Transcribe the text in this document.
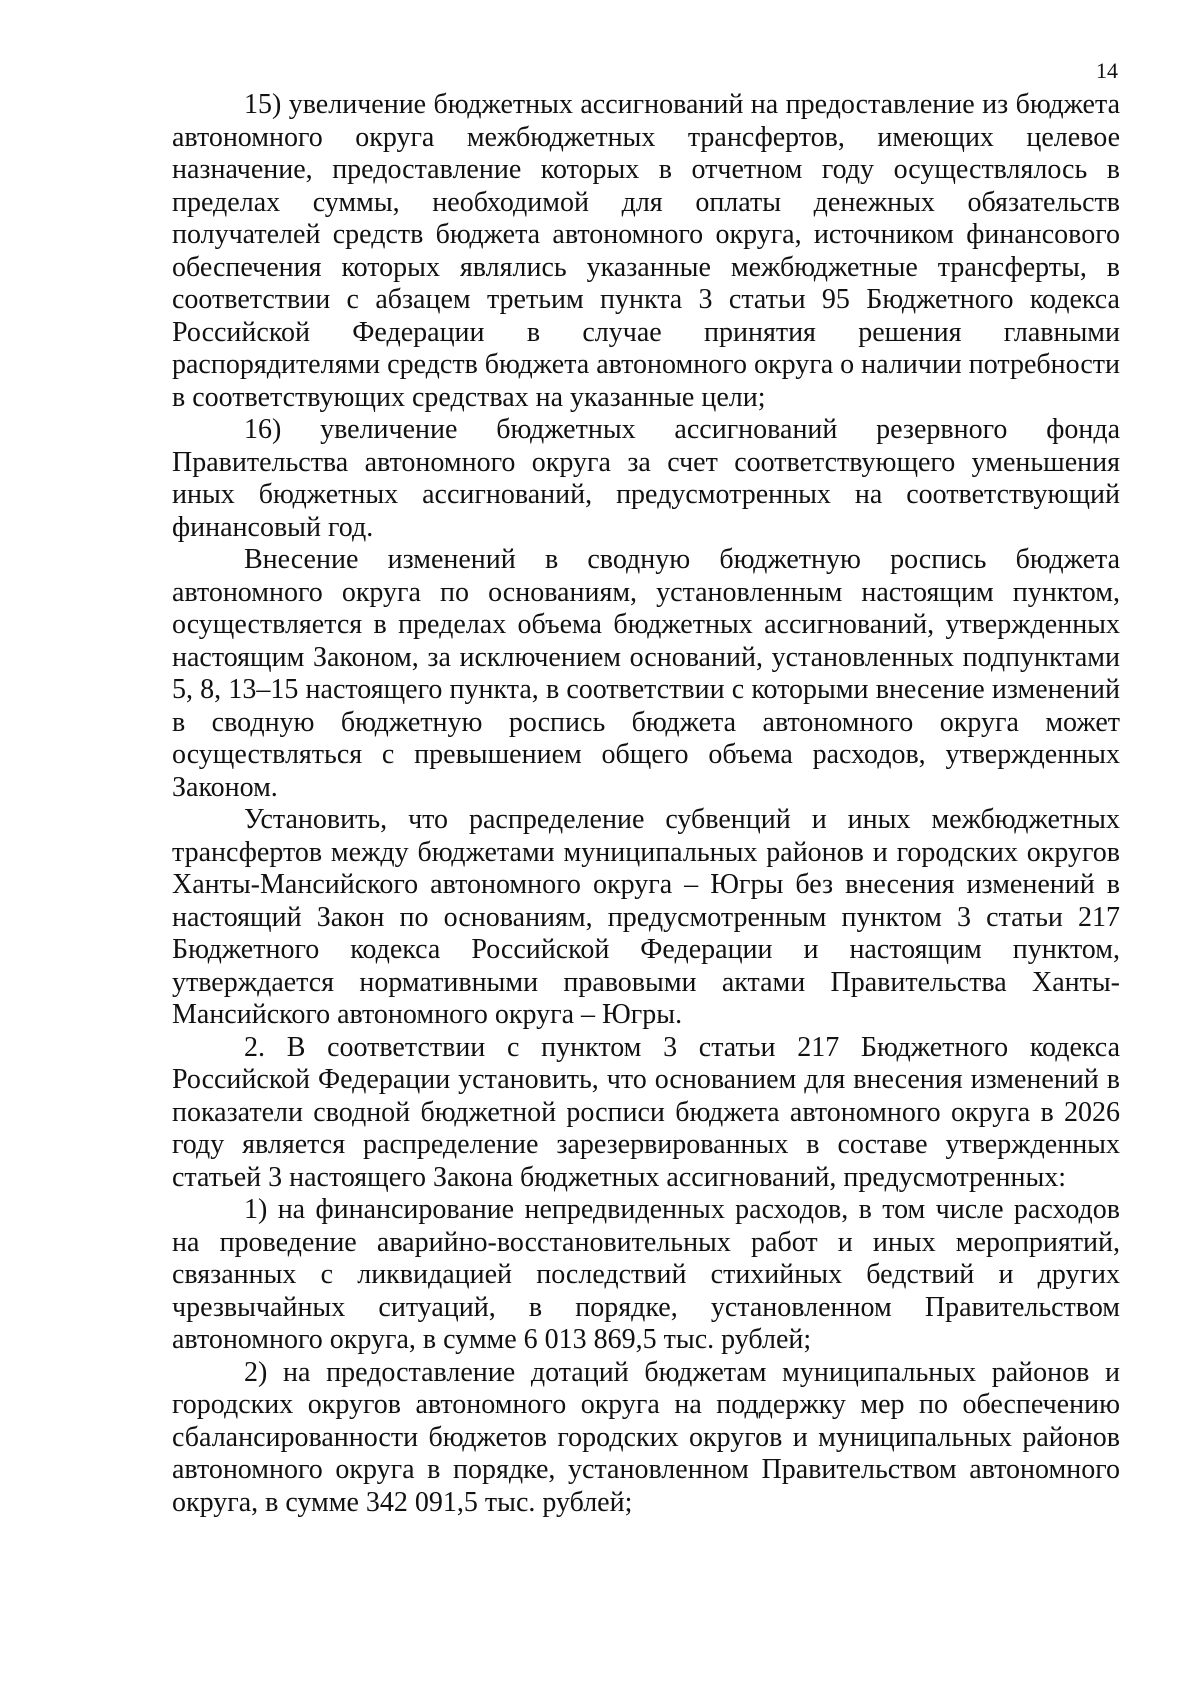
14

15) увеличение бюджетных ассигнований на предоставление из бюджета автономного округа межбюджетных трансфертов, имеющих целевое назначение, предоставление которых в отчетном году осуществлялось в пределах суммы, необходимой для оплаты денежных обязательств получателей средств бюджета автономного округа, источником финансового обеспечения которых являлись указанные межбюджетные трансферты, в соответствии с абзацем третьим пункта 3 статьи 95 Бюджетного кодекса Российской Федерации в случае принятия решения главными распорядителями средств бюджета автономного округа о наличии потребности в соответствующих средствах на указанные цели;

16) увеличение бюджетных ассигнований резервного фонда Правительства автономного округа за счет соответствующего уменьшения иных бюджетных ассигнований, предусмотренных на соответствующий финансовый год.

Внесение изменений в сводную бюджетную роспись бюджета автономного округа по основаниям, установленным настоящим пунктом, осуществляется в пределах объема бюджетных ассигнований, утвержденных настоящим Законом, за исключением оснований, установленных подпунктами 5, 8, 13–15 настоящего пункта, в соответствии с которыми внесение изменений в сводную бюджетную роспись бюджета автономного округа может осуществляться с превышением общего объема расходов, утвержденных Законом.

Установить, что распределение субвенций и иных межбюджетных трансфертов между бюджетами муниципальных районов и городских округов Ханты-Мансийского автономного округа – Югры без внесения изменений в настоящий Закон по основаниям, предусмотренным пунктом 3 статьи 217 Бюджетного кодекса Российской Федерации и настоящим пунктом, утверждается нормативными правовыми актами Правительства Ханты-Мансийского автономного округа – Югры.

2. В соответствии с пунктом 3 статьи 217 Бюджетного кодекса Российской Федерации установить, что основанием для внесения изменений в показатели сводной бюджетной росписи бюджета автономного округа в 2026 году является распределение зарезервированных в составе утвержденных статьей 3 настоящего Закона бюджетных ассигнований, предусмотренных:

1) на финансирование непредвиденных расходов, в том числе расходов на проведение аварийно-восстановительных работ и иных мероприятий, связанных с ликвидацией последствий стихийных бедствий и других чрезвычайных ситуаций, в порядке, установленном Правительством автономного округа, в сумме 6 013 869,5 тыс. рублей;

2) на предоставление дотаций бюджетам муниципальных районов и городских округов автономного округа на поддержку мер по обеспечению сбалансированности бюджетов городских округов и муниципальных районов автономного округа в порядке, установленном Правительством автономного округа, в сумме 342 091,5 тыс. рублей;
